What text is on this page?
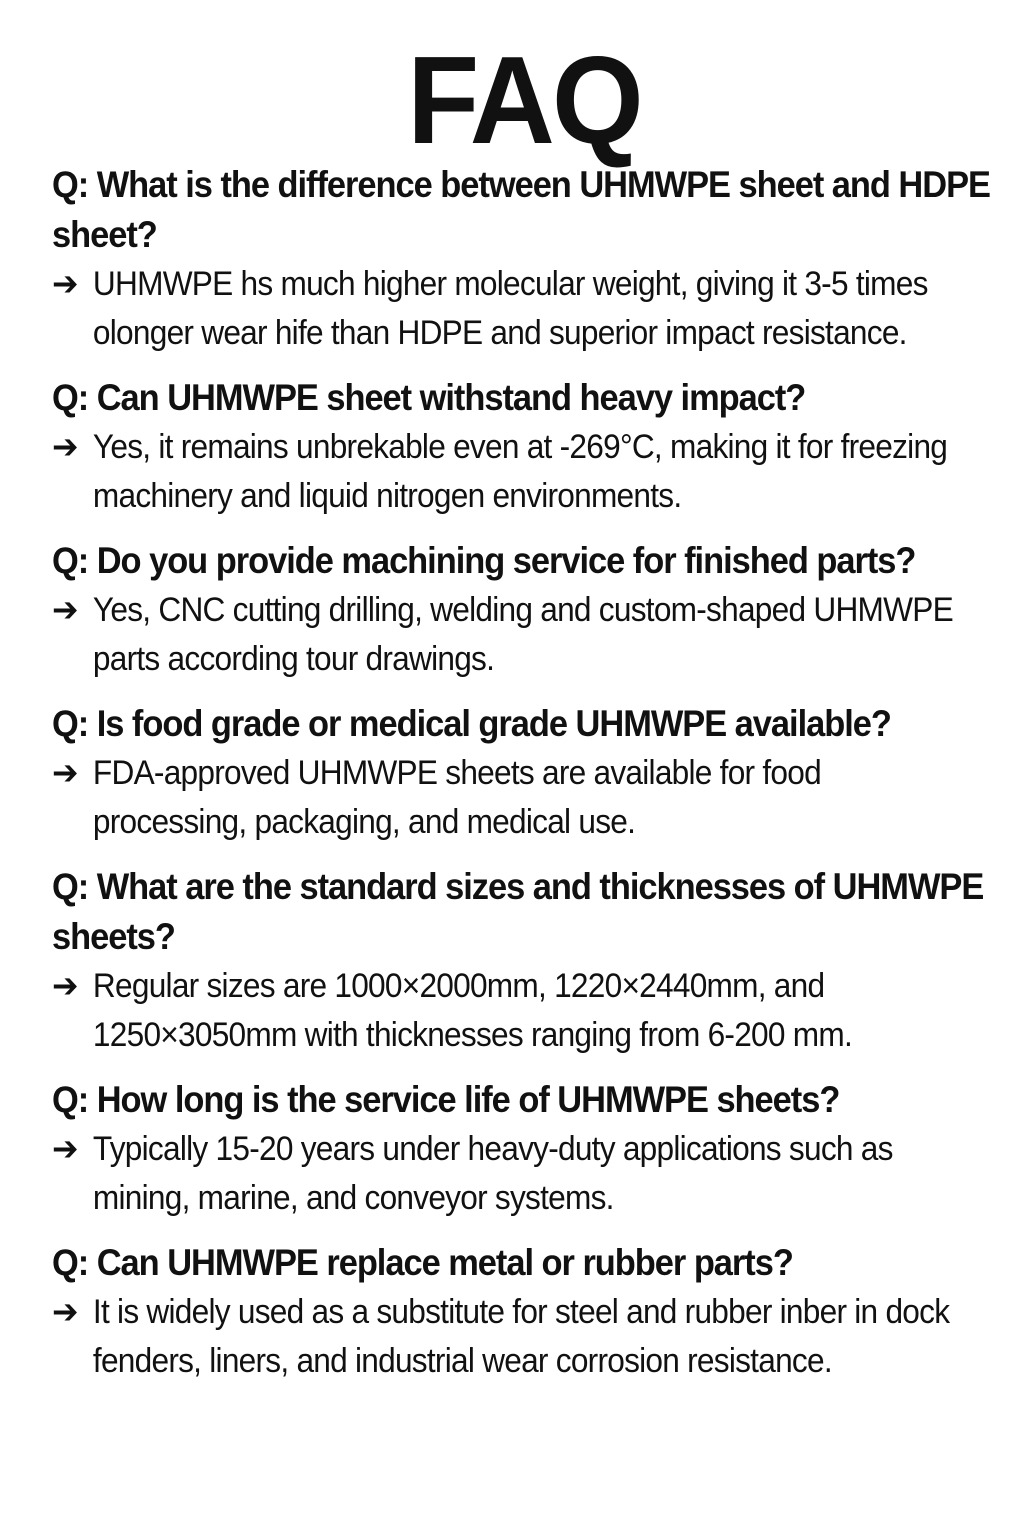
FAQ
Q: What is the difference between UHMWPE sheet and HDPE sheet?

➔ UHMWPE hs much higher molecular weight, giving it 3-5 times olonger wear hife than HDPE and superior impact resistance.

Q: Can UHMWPE sheet withstand heavy impact?

➔ Yes, it remains unbrekable even at -269°C, making it for freezing machinery and liquid nitrogen environments.

Q: Do you provide machining service for finished parts?

➔ Yes, CNC cutting drilling, welding and custom-shaped UHMWPE parts according tour drawings.

Q: Is food grade or medical grade UHMWPE available?

➔ FDA-approved UHMWPE sheets are available for food processing, packaging, and medical use.

Q: What are the standard sizes and thicknesses of UHMWPE sheets?

➔ Regular sizes are 1000×2000mm, 1220×2440mm, and 1250×3050mm with thicknesses ranging from 6-200 mm.

Q: How long is the service life of UHMWPE sheets?

➔ Typically 15-20 years under heavy-duty applications such as mining, marine, and conveyor systems.

Q: Can UHMWPE replace metal or rubber parts?

➔ It is widely used as a substitute for steel and rubber inber in dock fenders, liners, and industrial wear corrosion resistance.
